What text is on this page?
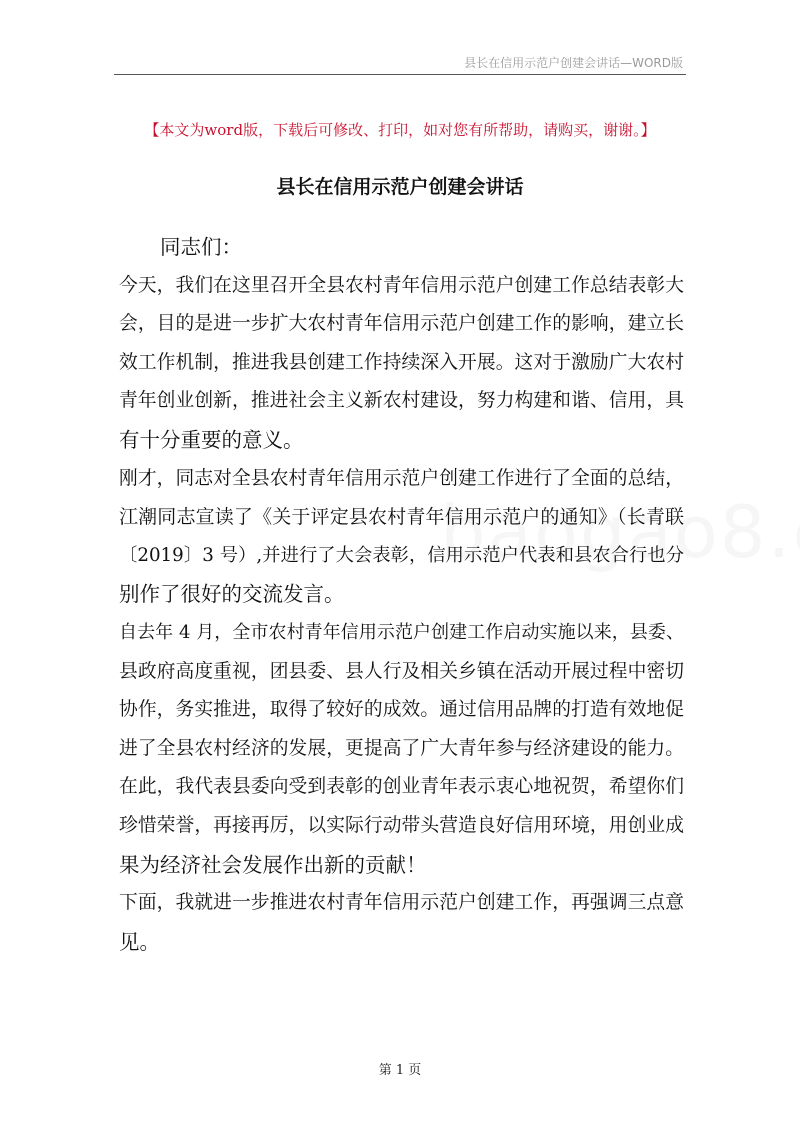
县长在信用示范户创建会讲话—WORD版
【本文为word版，下载后可修改、打印，如对您有所帮助，请购买，谢谢。】
县长在信用示范户创建会讲话
同志们：
今天，我们在这里召开全县农村青年信用示范户创建工作总结表彰大
会，目的是进一步扩大农村青年信用示范户创建工作的影响，建立长
效工作机制，推进我县创建工作持续深入开展。这对于激励广大农村
青年创业创新，推进社会主义新农村建设，努力构建和谐、信用，具
有十分重要的意义。
刚才，同志对全县农村青年信用示范户创建工作进行了全面的总结，
江潮同志宣读了《关于评定县农村青年信用示范户的通知》（长青联
〔2019〕3 号）,并进行了大会表彰，信用示范户代表和县农合行也分
别作了很好的交流发言。
自去年 4 月，全市农村青年信用示范户创建工作启动实施以来，县委、
县政府高度重视，团县委、县人行及相关乡镇在活动开展过程中密切
协作，务实推进，取得了较好的成效。通过信用品牌的打造有效地促
进了全县农村经济的发展，更提高了广大青年参与经济建设的能力。
在此，我代表县委向受到表彰的创业青年表示衷心地祝贺，希望你们
珍惜荣誉，再接再厉，以实际行动带头营造良好信用环境，用创业成
果为经济社会发展作出新的贡献！
下面，我就进一步推进农村青年信用示范户创建工作，再强调三点意
见。
第 1 页
